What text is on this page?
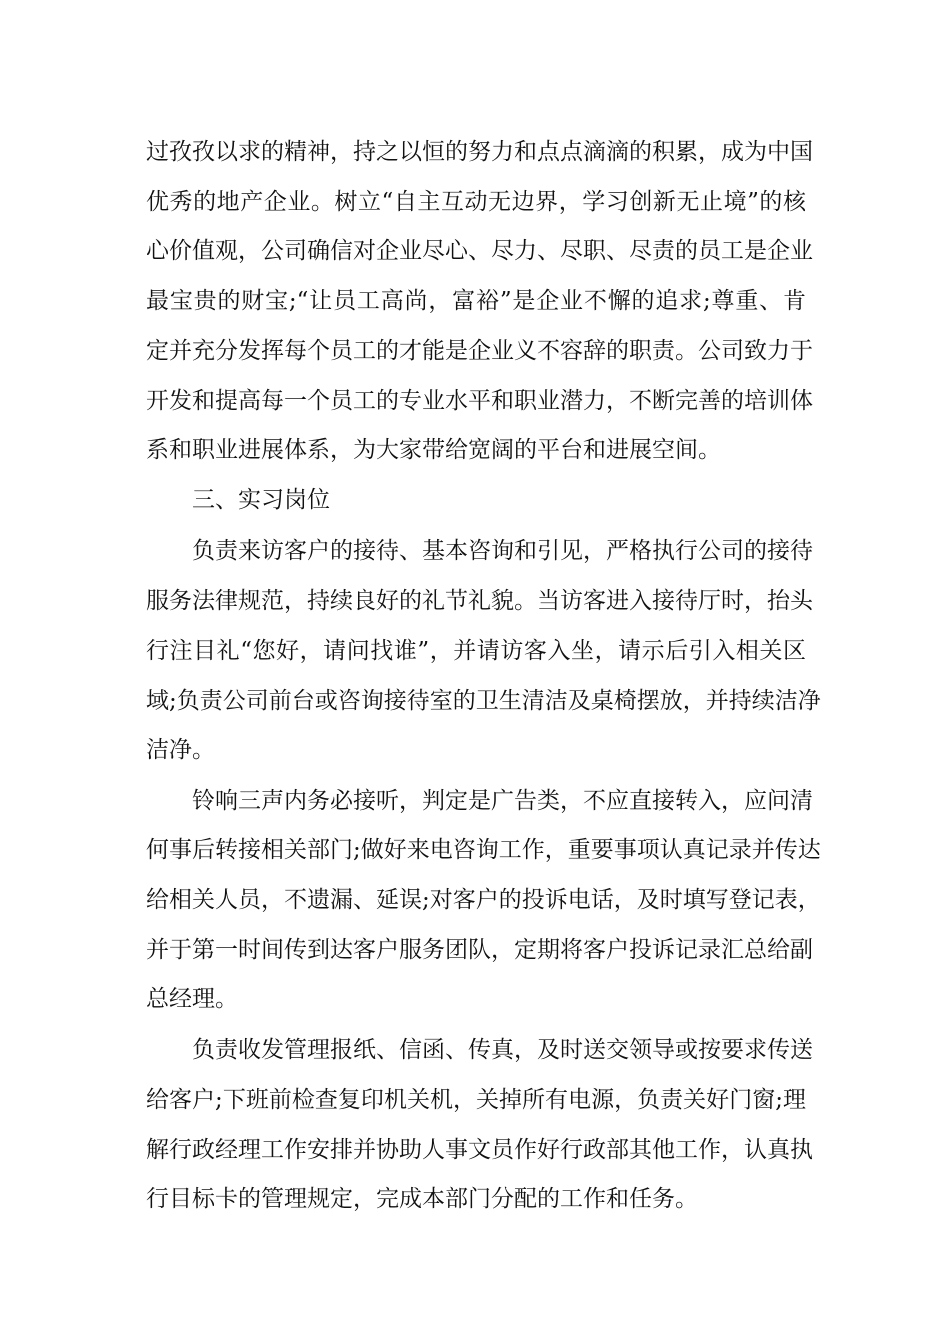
过孜孜以求的精神，持之以恒的努力和点点滴滴的积累，成为中国
优秀的地产企业。树立“自主互动无边界，学习创新无止境”的核
心价值观，公司确信对企业尽心、尽力、尽职、尽责的员工是企业
最宝贵的财宝;“让员工高尚，富裕”是企业不懈的追求;尊重、肯
定并充分发挥每个员工的才能是企业义不容辞的职责。公司致力于
开发和提高每一个员工的专业水平和职业潜力，不断完善的培训体
系和职业进展体系，为大家带给宽阔的平台和进展空间。
三、实习岗位
负责来访客户的接待、基本咨询和引见，严格执行公司的接待
服务法律规范，持续良好的礼节礼貌。当访客进入接待厅时，抬头
行注目礼“您好，请问找谁”，并请访客入坐，请示后引入相关区
域;负责公司前台或咨询接待室的卫生清洁及桌椅摆放，并持续洁净
洁净。
铃响三声内务必接听，判定是广告类，不应直接转入，应问清
何事后转接相关部门;做好来电咨询工作，重要事项认真记录并传达
给相关人员，不遗漏、延误;对客户的投诉电话，及时填写登记表，
并于第一时间传到达客户服务团队，定期将客户投诉记录汇总给副
总经理。
负责收发管理报纸、信函、传真，及时送交领导或按要求传送
给客户;下班前检查复印机关机，关掉所有电源，负责关好门窗;理
解行政经理工作安排并协助人事文员作好行政部其他工作，认真执
行目标卡的管理规定，完成本部门分配的工作和任务。
